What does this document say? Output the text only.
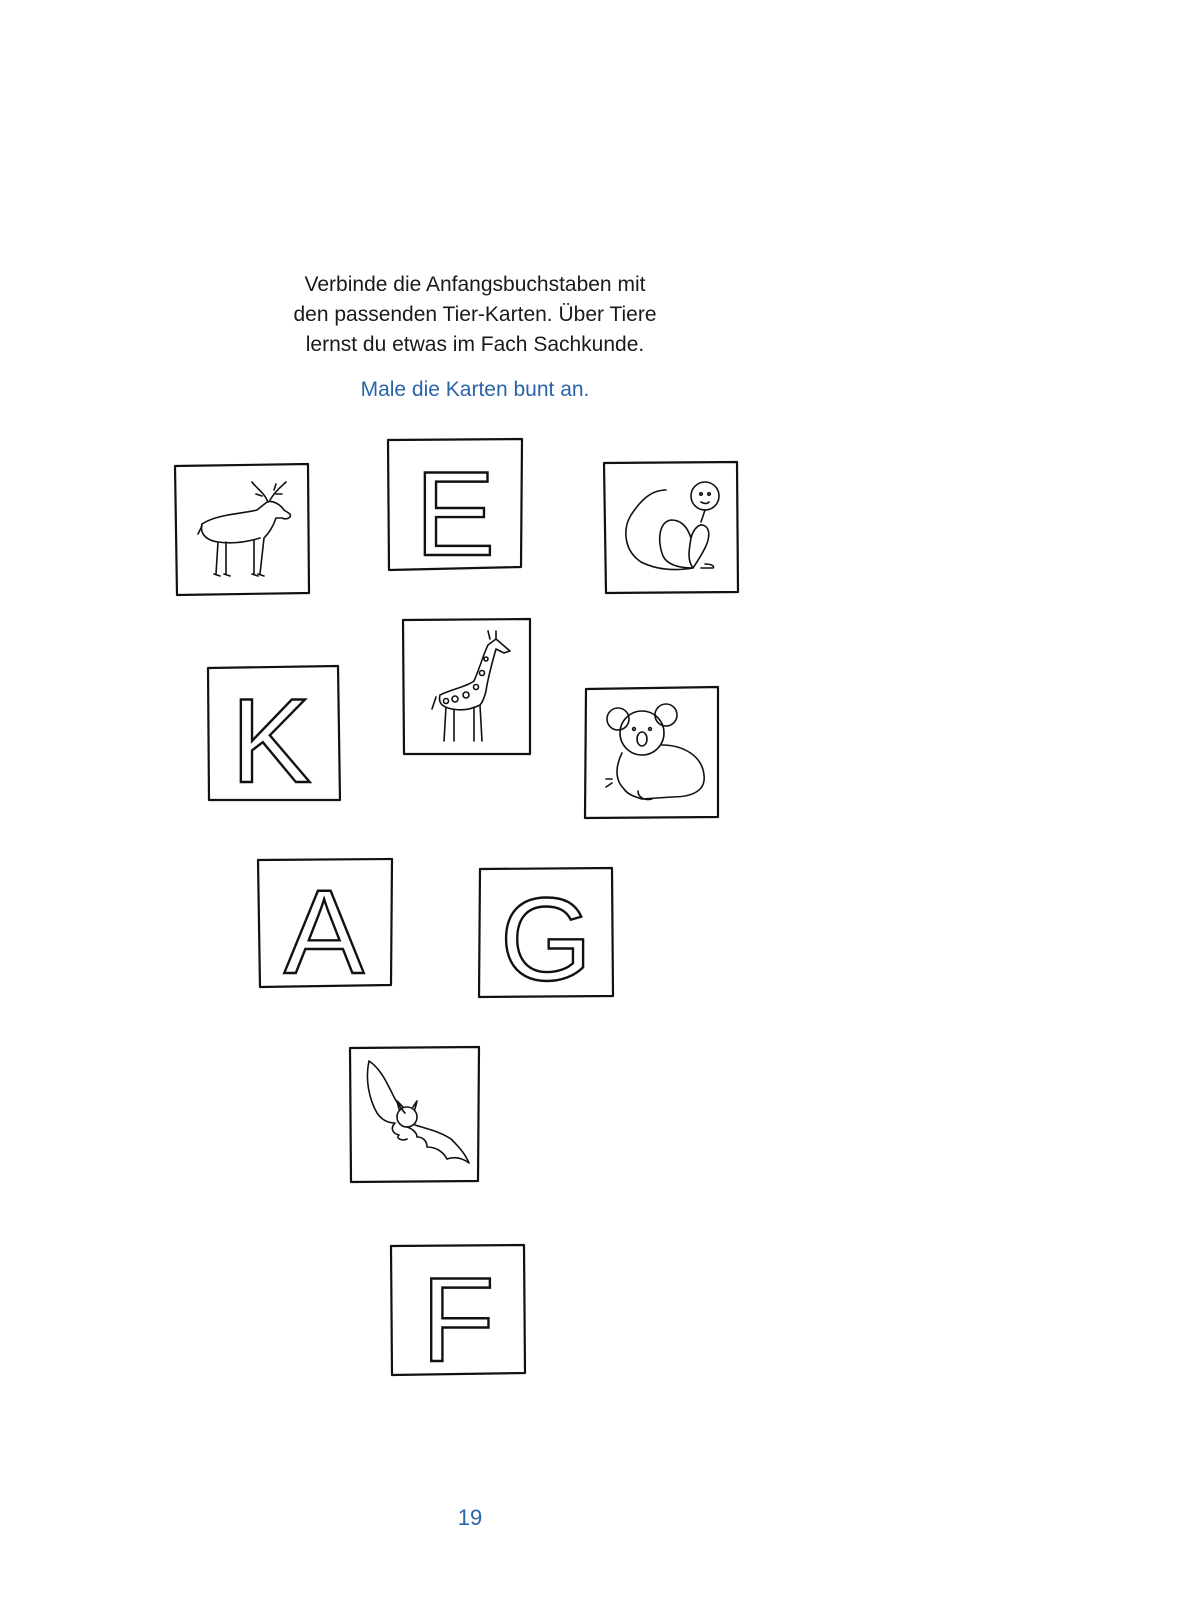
Verbinde die Anfangsbuchstaben mit
den passenden Tier-Karten. Über Tiere
lernst du etwas im Fach Sachkunde.
Male die Karten bunt an.
E
K
A G
F
19
